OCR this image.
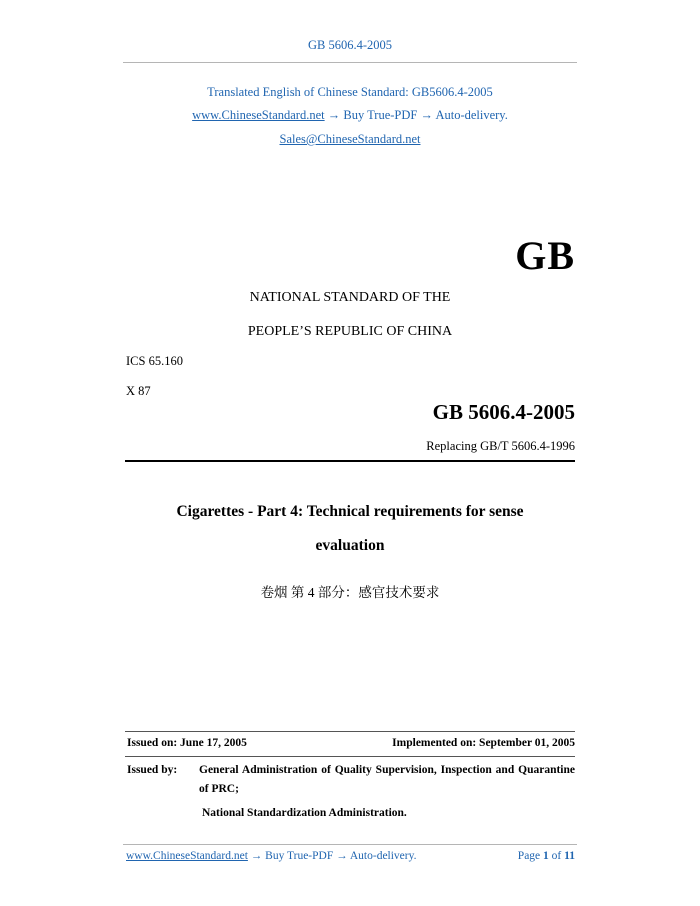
GB 5606.4-2005
Translated English of Chinese Standard: GB5606.4-2005
www.ChineseStandard.net → Buy True-PDF → Auto-delivery.
Sales@ChineseStandard.net
GB
NATIONAL STANDARD OF THE
PEOPLE’S REPUBLIC OF CHINA
ICS 65.160
X 87
GB 5606.4-2005
Replacing GB/T 5606.4-1996
Cigarettes - Part 4: Technical requirements for sense
evaluation
卷烟 第 4 部分：感官技术要求
Issued on: June 17, 2005	Implemented on: September 01, 2005
Issued by:	General Administration of Quality Supervision, Inspection and Quarantine of PRC;

National Standardization Administration.

www.ChineseStandard.net → Buy True-PDF → Auto-delivery.	Page 1 of 11
